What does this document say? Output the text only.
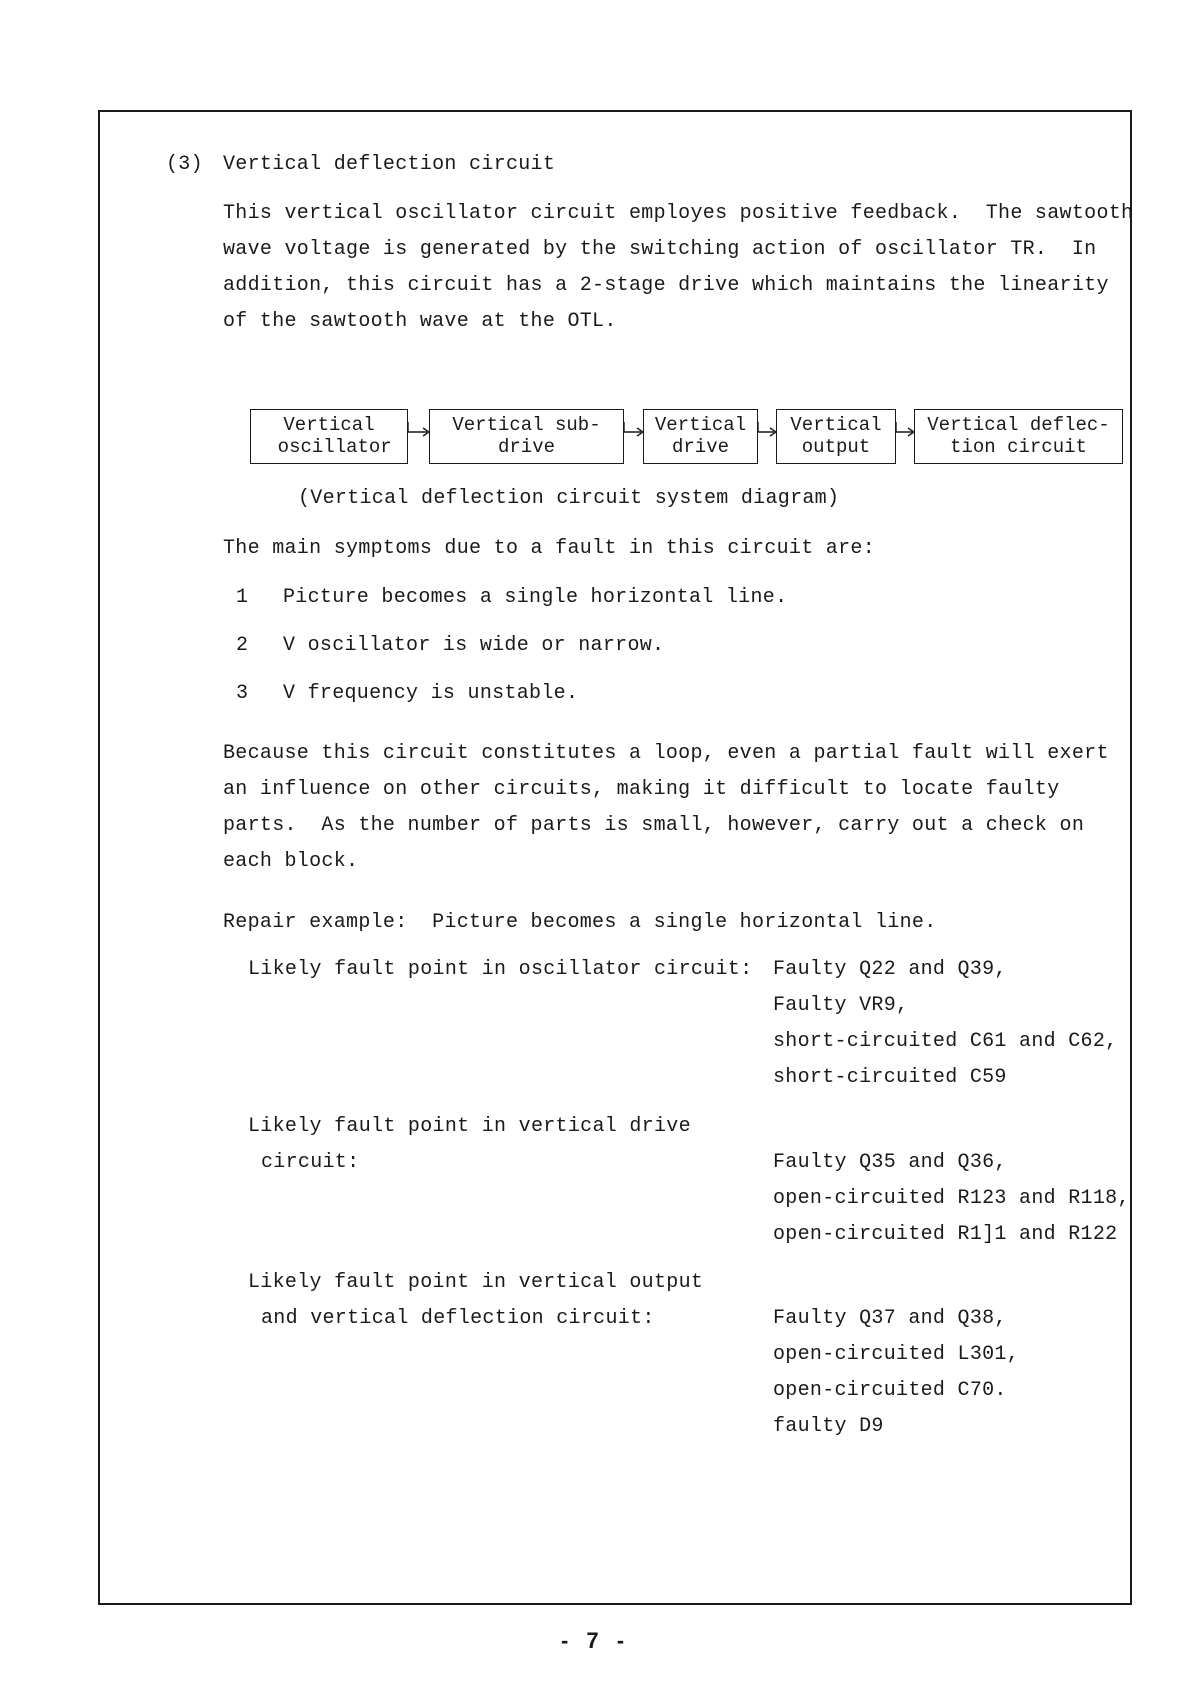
(3) Vertical deflection circuit
This vertical oscillator circuit employes positive feedback.  The sawtooth
wave voltage is generated by the switching action of oscillator TR.  In
addition, this circuit has a 2-stage drive which maintains the linearity
of the sawtooth wave at the OTL.
Vertical
oscillator
Vertical sub-
drive
Vertical
drive
Vertical
output
Vertical deflec-
tion circuit
(Vertical deflection circuit system diagram)
The main symptoms due to a fault in this circuit are:
1 Picture becomes a single horizontal line.
2 V oscillator is wide or narrow.
3 V frequency is unstable.
Because this circuit constitutes a loop, even a partial fault will exert
an influence on other circuits, making it difficult to locate faulty
parts.  As the number of parts is small, however, carry out a check on
each block.
Repair example:  Picture becomes a single horizontal line.
Likely fault point in oscillator circuit: Faulty Q22 and Q39,
Faulty VR9,
short-circuited C61 and C62,
short-circuited C59
Likely fault point in vertical drive
circuit:	Faulty Q35 and Q36,
open-circuited R123 and R118,
open-circuited R1]1 and R122
Likely fault point in vertical output
and vertical deflection circuit:	Faulty Q37 and Q38,
open-circuited L301,
open-circuited C70.
faulty D9
- 7 -
